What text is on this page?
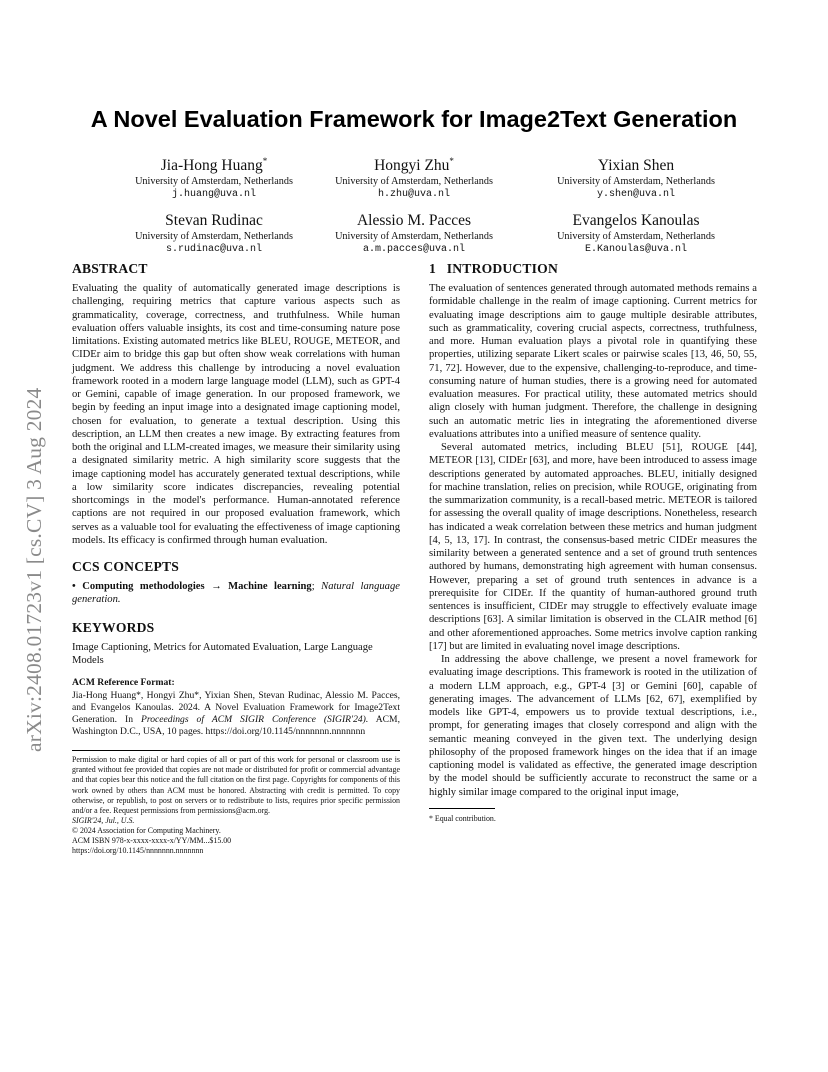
arXiv:2408.01723v1 [cs.CV] 3 Aug 2024
A Novel Evaluation Framework for Image2Text Generation
Jia-Hong Huang*
University of Amsterdam, Netherlands
j.huang@uva.nl
Hongyi Zhu*
University of Amsterdam, Netherlands
h.zhu@uva.nl
Yixian Shen
University of Amsterdam, Netherlands
y.shen@uva.nl
Stevan Rudinac
University of Amsterdam, Netherlands
s.rudinac@uva.nl
Alessio M. Pacces
University of Amsterdam, Netherlands
a.m.pacces@uva.nl
Evangelos Kanoulas
University of Amsterdam, Netherlands
E.Kanoulas@uva.nl
ABSTRACT

Evaluating the quality of automatically generated image descriptions is challenging, requiring metrics that capture various aspects such as grammaticality, coverage, correctness, and truthfulness. While human evaluation offers valuable insights, its cost and time-consuming nature pose limitations. Existing automated metrics like BLEU, ROUGE, METEOR, and CIDEr aim to bridge this gap but often show weak correlations with human judgment. We address this challenge by introducing a novel evaluation framework rooted in a modern large language model (LLM), such as GPT-4 or Gemini, capable of image generation. In our proposed framework, we begin by feeding an input image into a designated image captioning model, chosen for evaluation, to generate a textual description. Using this description, an LLM then creates a new image. By extracting features from both the original and LLM-created images, we measure their similarity using a designated similarity metric. A high similarity score suggests that the image captioning model has accurately generated textual descriptions, while a low similarity score indicates discrepancies, revealing potential shortcomings in the model's performance. Human-annotated reference captions are not required in our proposed evaluation framework, which serves as a valuable tool for evaluating the effectiveness of image captioning models. Its efficacy is confirmed through human evaluation.

CCS CONCEPTS

• Computing methodologies → Machine learning; Natural language generation.

KEYWORDS

Image Captioning, Metrics for Automated Evaluation, Large Language Models

ACM Reference Format:

Jia-Hong Huang*, Hongyi Zhu*, Yixian Shen, Stevan Rudinac, Alessio M. Pacces, and Evangelos Kanoulas. 2024. A Novel Evaluation Framework for Image2Text Generation. In Proceedings of ACM SIGIR Conference (SIGIR'24). ACM, Washington D.C., USA, 10 pages. https://doi.org/10.1145/nnnnnnn.nnnnnnn

Permission to make digital or hard copies of all or part of this work for personal or classroom use is granted without fee provided that copies are not made or distributed for profit or commercial advantage and that copies bear this notice and the full citation on the first page. Copyrights for components of this work owned by others than ACM must be honored. Abstracting with credit is permitted. To copy otherwise, or republish, to post on servers or to redistribute to lists, requires prior specific permission and/or a fee. Request permissions from permissions@acm.org.

SIGIR'24, Jul., U.S.

© 2024 Association for Computing Machinery.

ACM ISBN 978-x-xxxx-xxxx-x/YY/MM...$15.00

https://doi.org/10.1145/nnnnnnn.nnnnnnn

1   INTRODUCTION

The evaluation of sentences generated through automated methods remains a formidable challenge in the realm of image captioning. Current metrics for evaluating image descriptions aim to gauge multiple desirable attributes, such as grammaticality, covering crucial aspects, correctness, truthfulness, and more. Human evaluation plays a pivotal role in quantifying these properties, utilizing separate Likert scales or pairwise scales [13, 46, 50, 55, 71, 72]. However, due to the expensive, challenging-to-reproduce, and time-consuming nature of human studies, there is a growing need for automated evaluation measures. For practical utility, these automated metrics should align closely with human judgment. Therefore, the challenge in designing such an automatic metric lies in integrating the aforementioned diverse evaluations attributes into a unified measure of sentence quality.

Several automated metrics, including BLEU [51], ROUGE [44], METEOR [13], CIDEr [63], and more, have been introduced to assess image descriptions generated by automated approaches. BLEU, initially designed for machine translation, relies on precision, while ROUGE, originating from the summarization community, is a recall-based metric. METEOR is tailored for assessing the overall quality of image descriptions. Nonetheless, research has indicated a weak correlation between these metrics and human judgment [4, 5, 13, 17]. In contrast, the consensus-based metric CIDEr measures the similarity between a generated sentence and a set of ground truth sentences authored by humans, demonstrating high agreement with human consensus. However, preparing a set of ground truth sentences in advance is a prerequisite for CIDEr. If the quantity of human-authored ground truth sentences is insufficient, CIDEr may struggle to effectively evaluate image descriptions [63]. A similar limitation is observed in the CLAIR method [6] and other aforementioned approaches. Some metrics involve caption ranking [17] but are limited in evaluating novel image descriptions.

In addressing the above challenge, we present a novel framework for evaluating image descriptions. This framework is rooted in the utilization of a modern LLM approach, e.g., GPT-4 [3] or Gemini [60], capable of generating images. The advancement of LLMs [62, 67], exemplified by models like GPT-4, empowers us to provide textual descriptions, i.e., prompt, for generating images that closely correspond and align with the semantic meaning conveyed in the given text. The underlying design philosophy of the proposed framework hinges on the idea that if an image captioning model is validated as effective, the generated image description by the model should be sufficiently accurate to reconstruct the same or a highly similar image compared to the original input image,

* Equal contribution.
